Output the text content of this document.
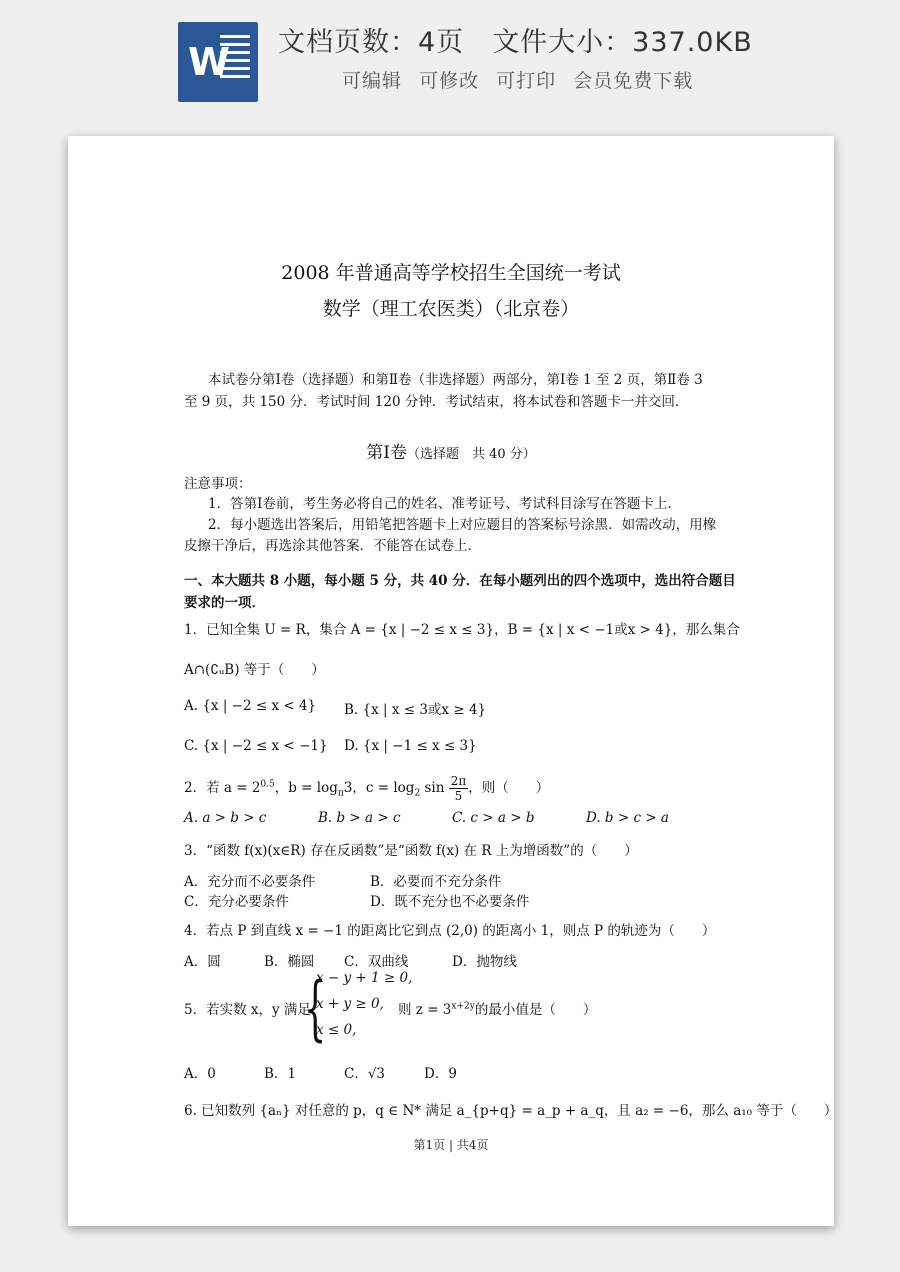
W 文档页数：4页 文件大小：337.0KB
可编辑 可修改 可打印 会员免费下载
2008 年普通高等学校招生全国统一考试
数学（理工农医类）（北京卷）
本试卷分第Ⅰ卷（选择题）和第Ⅱ卷（非选择题）两部分，第Ⅰ卷 1 至 2 页，第Ⅱ卷 3
至 9 页，共 150 分．考试时间 120 分钟．考试结束，将本试卷和答题卡一并交回．
第Ⅰ卷（选择题　共 40 分）
注意事项：
1．答第Ⅰ卷前，考生务必将自己的姓名、准考证号、考试科目涂写在答题卡上．
2．每小题选出答案后，用铅笔把答题卡上对应题目的答案标号涂黑．如需改动，用橡
皮擦干净后，再选涂其他答案．不能答在试卷上．
一、本大题共 8 小题，每小题 5 分，共 40 分．在每小题列出的四个选项中，选出符合题目
要求的一项．
1．已知全集 U = R，集合 A = {x | −2 ≤ x ≤ 3}，B = {x | x < −1或x > 4}，那么集合
A∩(∁ᵤB) 等于（　　）
A. {x | −2 ≤ x < 4} B. {x | x ≤ 3或x ≥ 4}
C. {x | −2 ≤ x < −1} D. {x | −1 ≤ x ≤ 3}
2．若 $a = 2^{0.5}$，$b = \log_\pi 3$，$c = \log_2 \sin \frac{2\pi}{5}$ ，则（　　）
A. a > b > c	B. b > a > c	C. c > a > b	D. b > c > a
3．“函数 f(x)(x∈R) 存在反函数”是“函数 f(x) 在 R 上为增函数”的（　　）
A．充分而不必要条件	B．必要而不充分条件
C．充分必要条件	D．既不充分也不必要条件
4．若点 P 到直线 x = −1 的距离比它到点 (2,0) 的距离小 1，则点 P 的轨迹为（　　）
A．圆	B．椭圆 C．双曲线	D．抛物线
5．若实数 x，y 满足
{
x − y + 1 ≥ 0,
x + y ≥ 0,
x ≤ 0,
则 $z = 3^{x+2y}$的最小值是（　　）
A．0	B．1	C．√3	D．9
6. 已知数列 {aₙ} 对任意的 p，q ∈ N* 满足 a_{p+q} = a_p + a_q，且 a₂ = −6，那么 a₁₀ 等于（　　）
第1页 | 共4页
